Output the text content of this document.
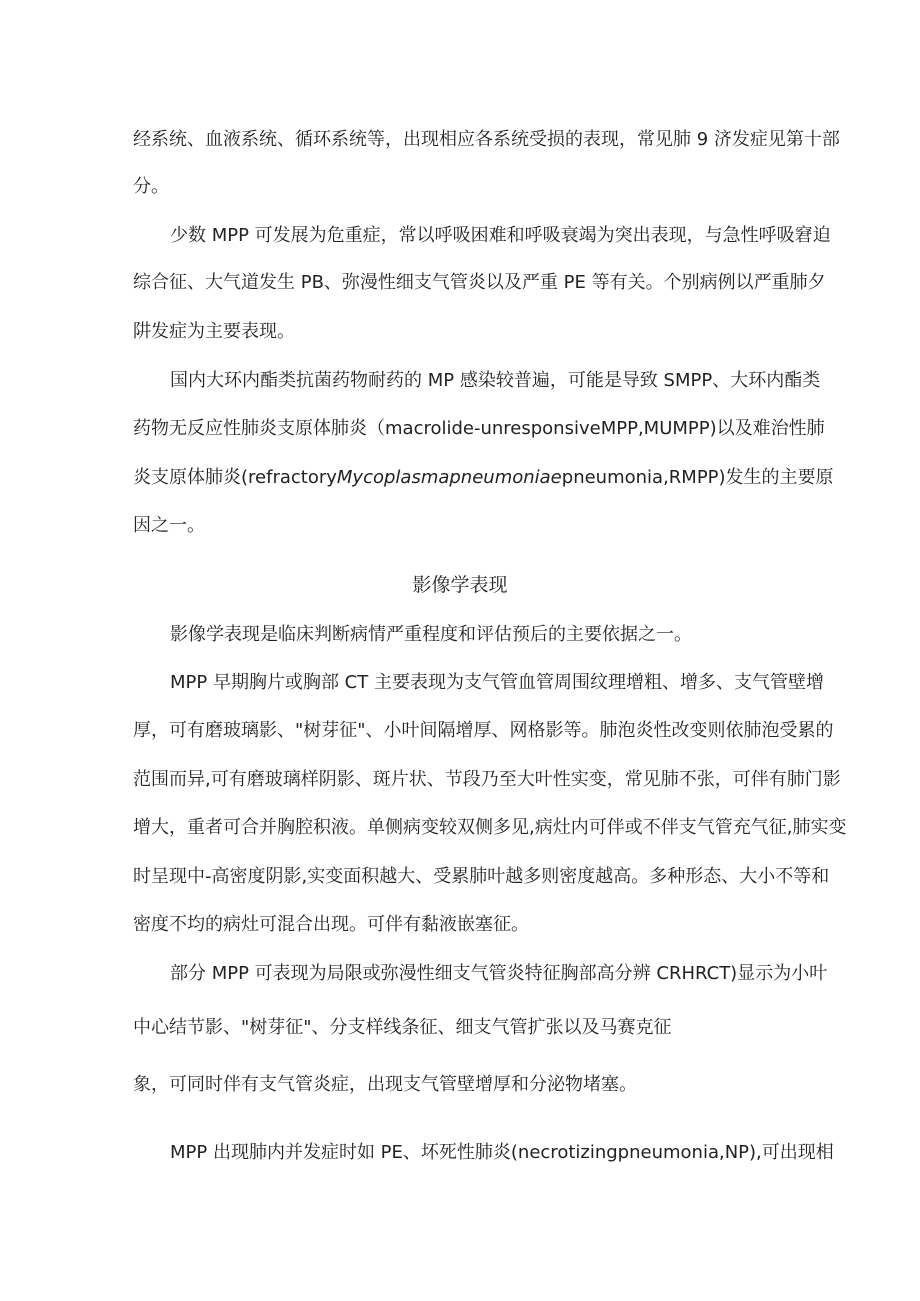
经系统、血液系统、循环系统等，出现相应各系统受损的表现，常见肺 9 济发症见第十部
分。
少数 MPP 可发展为危重症，常以呼吸困难和呼吸衰竭为突出表现，与急性呼吸窘迫
综合征、大气道发生 PB、弥漫性细支气管炎以及严重 PE 等有关。个别病例以严重肺夕
阱发症为主要表现。
国内大环内酯类抗菌药物耐药的 MP 感染较普遍，可能是导致 SMPP、大环内酯类
药物无反应性肺炎支原体肺炎（macrolide-unresponsiveMPP,MUMPP)以及难治性肺
炎支原体肺炎(refractoryMycoplasmapneumoniaepneumonia,RMPP)发生的主要原
因之一。
影像学表现
影像学表现是临床判断病情严重程度和评估预后的主要依据之一。
MPP 早期胸片或胸部 CT 主要表现为支气管血管周围纹理增粗、增多、支气管壁增
厚，可有磨玻璃影、"树芽征"、小叶间隔增厚、网格影等。肺泡炎性改变则依肺泡受累的
范围而异,可有磨玻璃样阴影、斑片状、节段乃至大叶性实变，常见肺不张，可伴有肺门影
增大，重者可合并胸腔积液。单侧病变较双侧多见,病灶内可伴或不伴支气管充气征,肺实变
时呈现中-高密度阴影,实变面积越大、受累肺叶越多则密度越高。多种形态、大小不等和
密度不均的病灶可混合出现。可伴有黏液嵌塞征。
部分 MPP 可表现为局限或弥漫性细支气管炎特征胸部高分辨 CRHRCT)显示为小叶
中心结节影、"树芽征"、分支样线条征、细支气管扩张以及马赛克征
象，可同时伴有支气管炎症，出现支气管壁增厚和分泌物堵塞。
MPP 出现肺内并发症时如 PE、坏死性肺炎(necrotizingpneumonia,NP),可出现相
